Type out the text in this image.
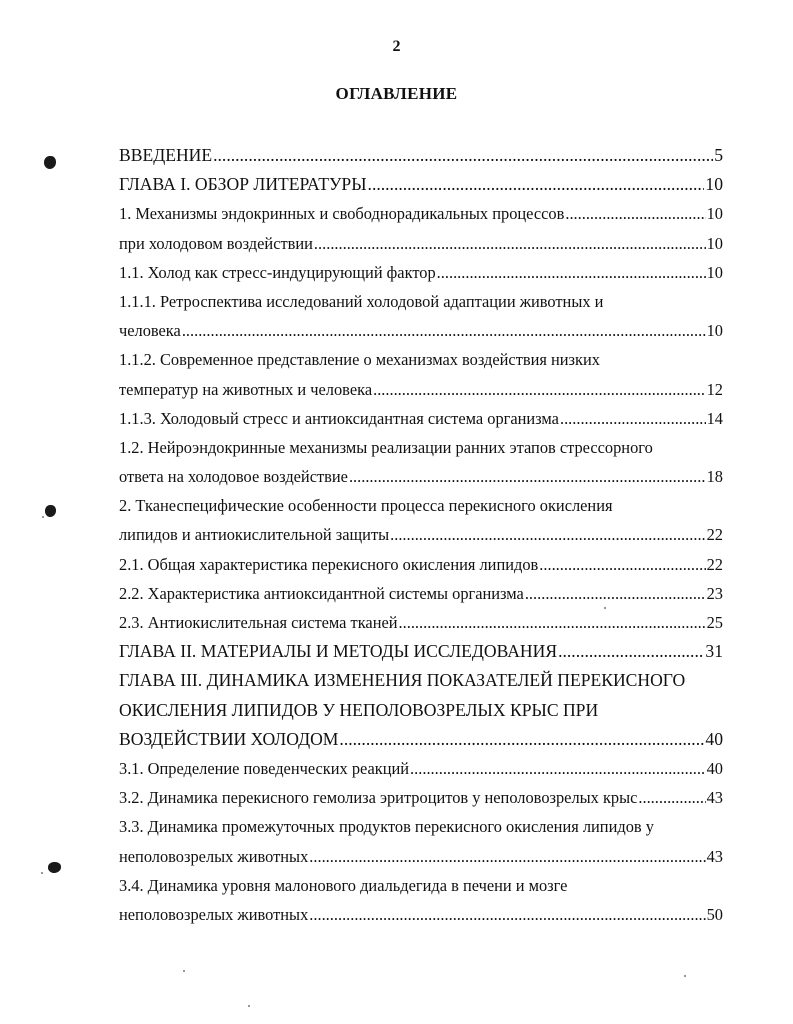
2
ОГЛАВЛЕНИЕ
ВВЕДЕНИЕ .....	5
ГЛАВА I. ОБЗОР ЛИТЕРАТУРЫ .....	10
1. Механизмы эндокринных и свободнорадикальных процессов .....	10
при холодовом воздействии .....	10
1.1. Холод как стресс-индуцирующий фактор .....	10
1.1.1. Ретроспектива исследований холодовой адаптации животных и
человека .....	10
1.1.2. Современное представление о механизмах воздействия низких
температур на животных и человека .....	12
1.1.3. Холодовый стресс и антиоксидантная система организма .....	14
1.2. Нейроэндокринные механизмы реализации ранних этапов стрессорного
ответа на холодовое воздействие .....	18
2. Тканеспецифические особенности процесса перекисного окисления
липидов и антиокислительной защиты .....	22
2.1. Общая характеристика перекисного окисления липидов .....	22
2.2. Характеристика антиоксидантной системы организма .....	23
2.3. Антиокислительная система тканей .....	25
ГЛАВА II. МАТЕРИАЛЫ И МЕТОДЫ ИССЛЕДОВАНИЯ .....	31
ГЛАВА III. ДИНАМИКА ИЗМЕНЕНИЯ ПОКАЗАТЕЛЕЙ ПЕРЕКИСНОГО
ОКИСЛЕНИЯ ЛИПИДОВ У НЕПОЛОВОЗРЕЛЫХ КРЫС ПРИ
ВОЗДЕЙСТВИИ ХОЛОДОМ .....	40
3.1. Определение поведенческих реакций .....	40
3.2. Динамика перекисного гемолиза эритроцитов у неполовозрелых крыс .....	43
3.3. Динамика промежуточных продуктов перекисного окисления липидов у
неполовозрелых животных .....	43
3.4. Динамика уровня малонового диальдегида в печени и мозге
неполовозрелых животных .....	50
